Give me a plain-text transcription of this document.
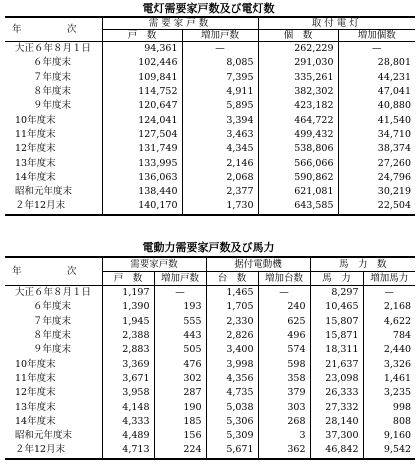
電灯需要家戸数及び電灯数
年　次	需要家戸数		取付電灯	
	戸　数	増加戸数	個　数	増加個数
大正６年８月１日	94,361	—	262,229	—
６年度末	102,446	8,085	291,030	28,801
７年度末	109,841	7,395	335,261	44,231
８年度末	114,752	4,911	382,302	47,041
９年度末	120,647	5,895	423,182	40,880
10年度末	124,041	3,394	464,722	41,540
11年度末	127,504	3,463	499,432	34,710
12年度末	131,749	4,345	538,806	38,374
13年度末	133,995	2,146	566,066	27,260
14年度末	136,063	2,068	590,862	24,796
昭和元年度末	138,440	2,377	621,081	30,219
２年12月末	140,170	1,730	643,585	22,504
電動力需要家戸数及び馬力
年　次	需要家戸数		据付電動機		馬　力　数	
	戸　数	増加戸数	台　数	増加台数	馬　力	増加馬力
大正６年８月１日	1,197	—	1,465	—	8,297	—
６年度末	1,390	193	1,705	240	10,465	2,168
７年度末	1,945	555	2,330	625	15,807	4,622
８年度末	2,388	443	2,826	496	15,871	784
９年度末	2,883	505	3,400	574	18,311	2,440
10年度末	3,369	476	3,998	598	21,637	3,326
11年度末	3,671	302	4,356	358	23,098	1,461
12年度末	3,958	287	4,735	379	26,333	3,235
13年度末	4,148	190	5,038	303	27,332	998
14年度末	4,333	185	5,306	268	28,140	808
昭和元年度末	4,489	156	5,309	3	37,300	9,160
２年12月末	4,713	224	5,671	362	46,842	9,542
